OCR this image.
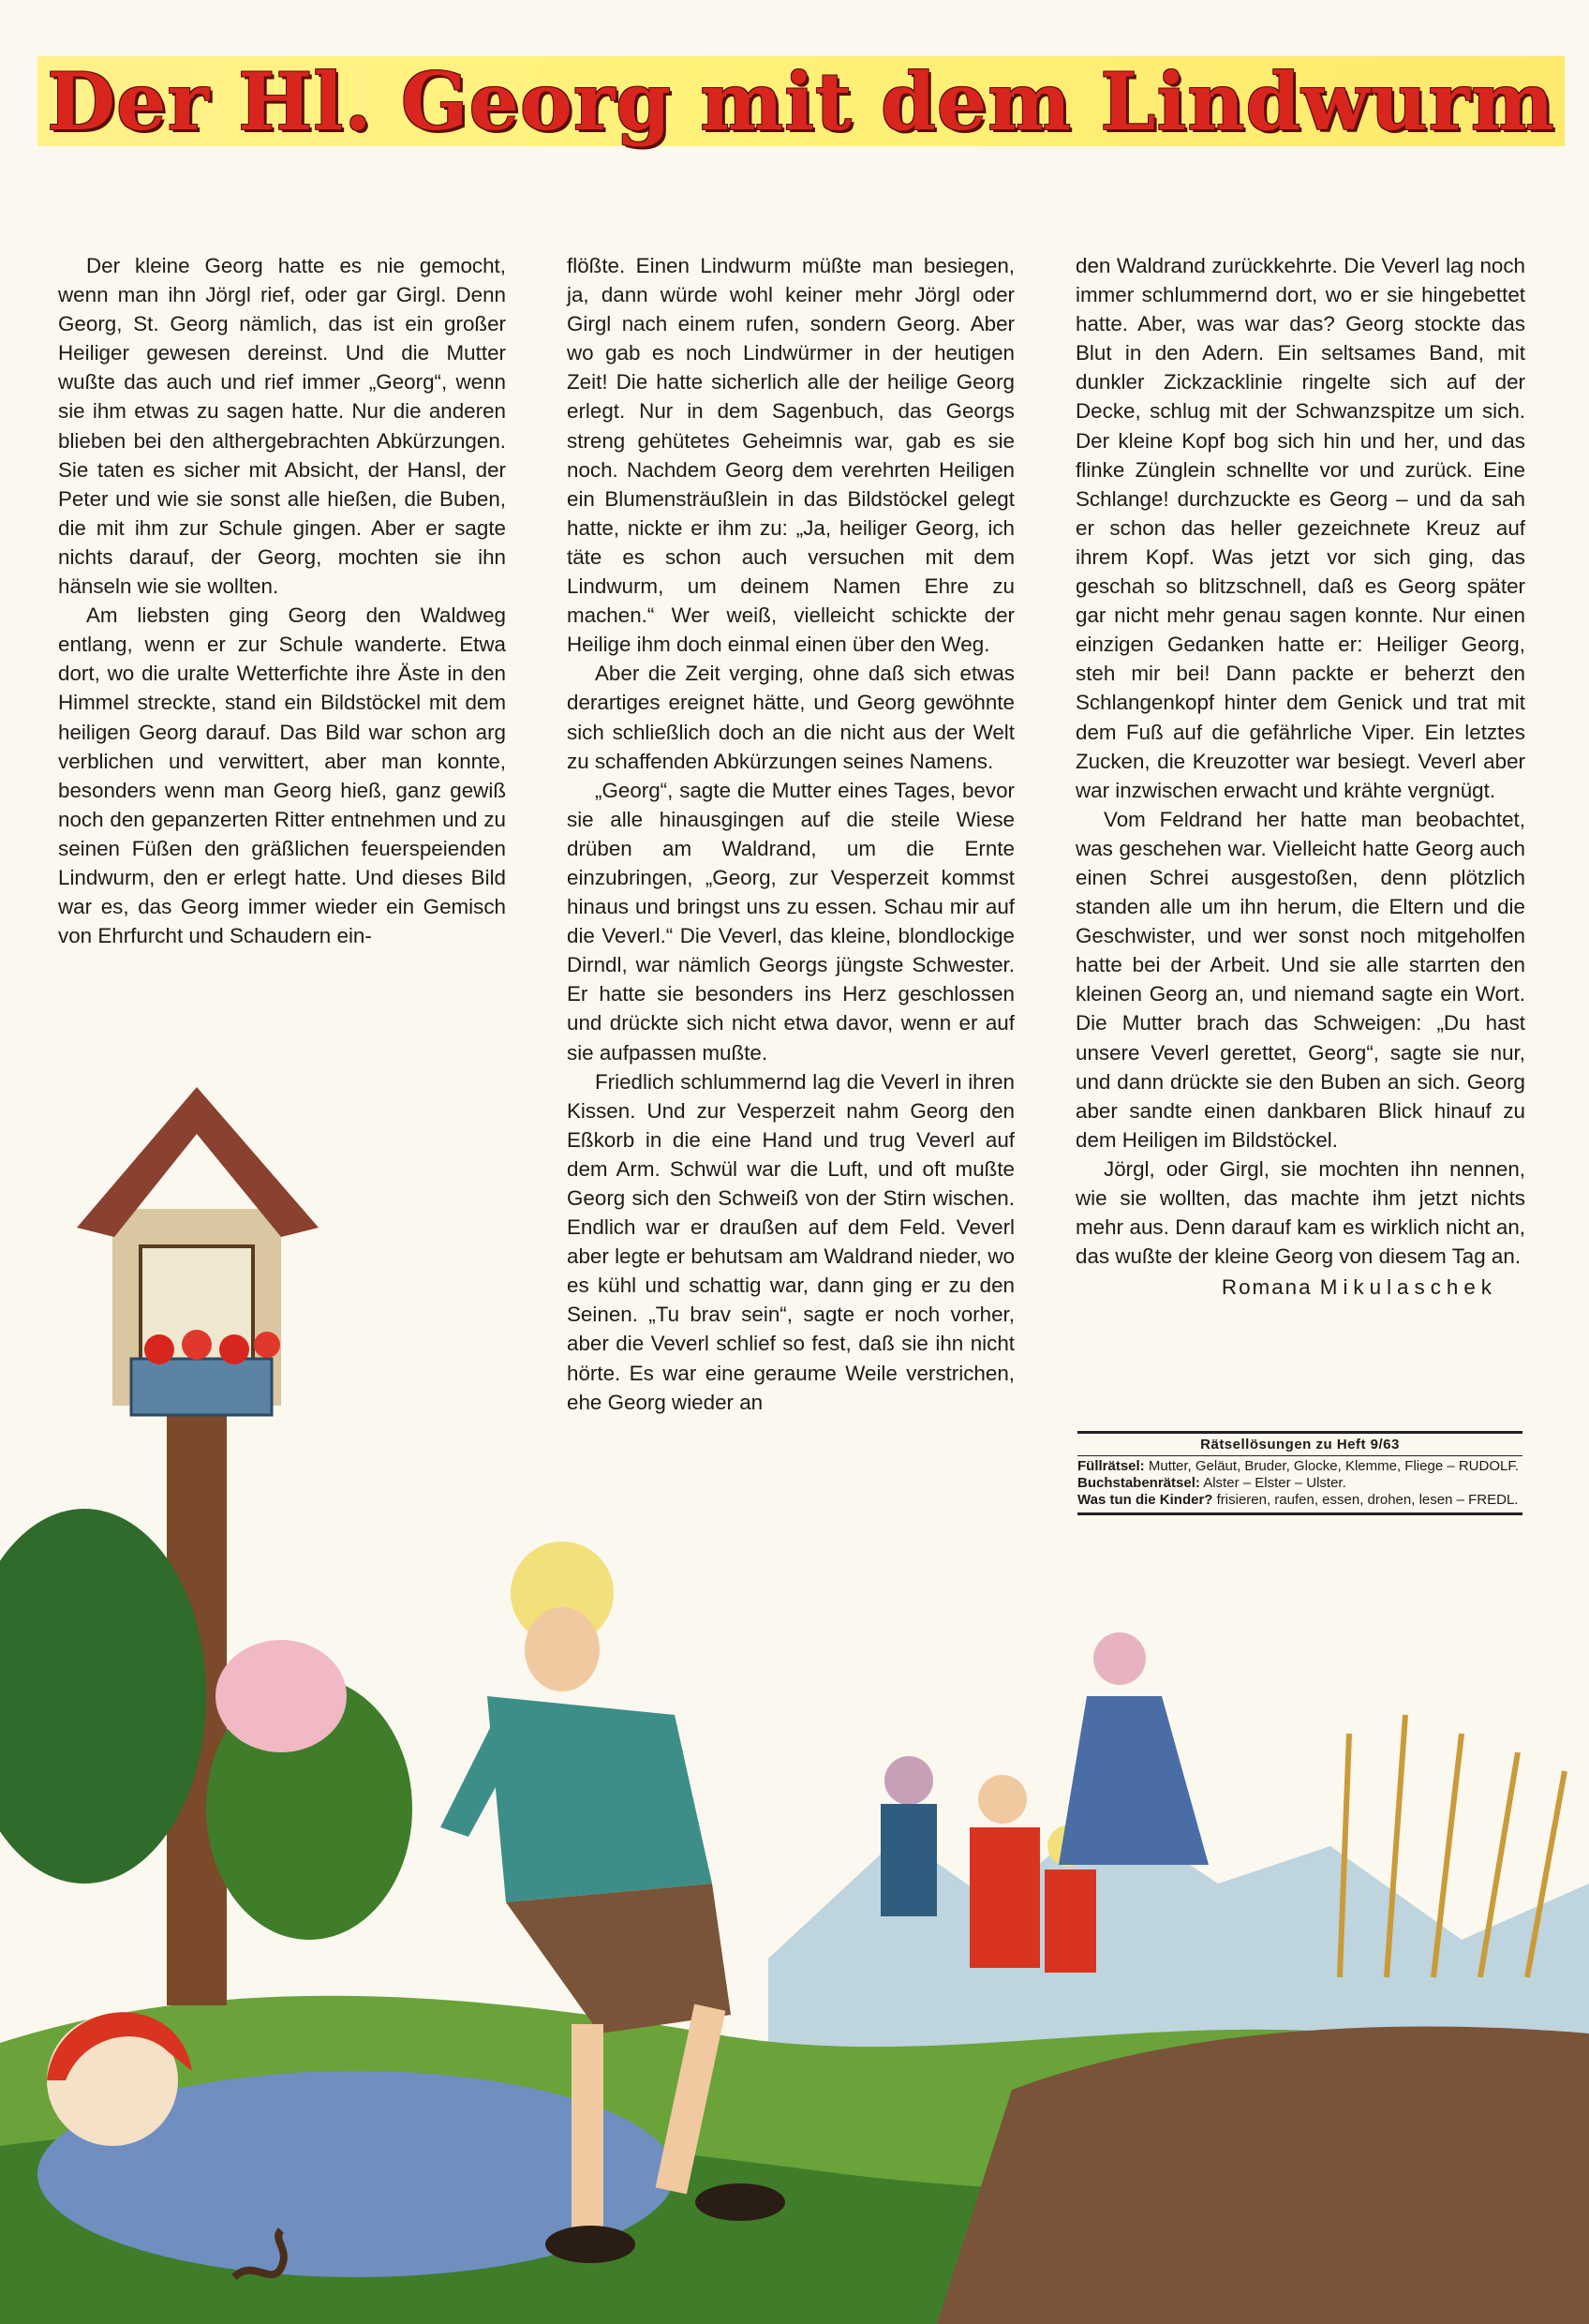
Der Hl. Georg mit dem Lindwurm

Der kleine Georg hatte es nie gemocht, wenn man ihn Jörgl rief, oder gar Girgl. Denn Georg, St. Georg nämlich, das ist ein großer Heiliger gewesen dereinst. Und die Mutter wußte das auch und rief immer „Georg“, wenn sie ihm etwas zu sagen hatte. Nur die anderen blieben bei den althergebrachten Abkürzungen. Sie taten es sicher mit Absicht, der Hansl, der Peter und wie sie sonst alle hießen, die Buben, die mit ihm zur Schule gingen. Aber er sagte nichts darauf, der Georg, mochten sie ihn hänseln wie sie wollten.

Am liebsten ging Georg den Waldweg entlang, wenn er zur Schule wanderte. Etwa dort, wo die uralte Wetterfichte ihre Äste in den Himmel streckte, stand ein Bildstöckel mit dem heiligen Georg darauf. Das Bild war schon arg verblichen und verwittert, aber man konnte, besonders wenn man Georg hieß, ganz gewiß noch den gepanzerten Ritter entnehmen und zu seinen Füßen den gräßlichen feuerspeienden Lindwurm, den er erlegt hatte. Und dieses Bild war es, das Georg immer wieder ein Gemisch von Ehrfurcht und Schaudern ein-

flößte. Einen Lindwurm müßte man besiegen, ja, dann würde wohl keiner mehr Jörgl oder Girgl nach einem rufen, sondern Georg. Aber wo gab es noch Lindwürmer in der heutigen Zeit! Die hatte sicherlich alle der heilige Georg erlegt. Nur in dem Sagenbuch, das Georgs streng gehütetes Geheimnis war, gab es sie noch. Nachdem Georg dem verehrten Heiligen ein Blumensträußlein in das Bildstöckel gelegt hatte, nickte er ihm zu: „Ja, heiliger Georg, ich täte es schon auch versuchen mit dem Lindwurm, um deinem Namen Ehre zu machen.“ Wer weiß, vielleicht schickte der Heilige ihm doch einmal einen über den Weg.

Aber die Zeit verging, ohne daß sich etwas derartiges ereignet hätte, und Georg gewöhnte sich schließlich doch an die nicht aus der Welt zu schaffenden Abkürzungen seines Namens.

„Georg“, sagte die Mutter eines Tages, bevor sie alle hinausgingen auf die steile Wiese drüben am Waldrand, um die Ernte einzubringen, „Georg, zur Vesperzeit kommst hinaus und bringst uns zu essen. Schau mir auf die Veverl.“ Die Veverl, das kleine, blondlockige Dirndl, war nämlich Georgs jüngste Schwester. Er hatte sie besonders ins Herz geschlossen und drückte sich nicht etwa davor, wenn er auf sie aufpassen mußte.

Friedlich schlummernd lag die Veverl in ihren Kissen. Und zur Vesperzeit nahm Georg den Eßkorb in die eine Hand und trug Veverl auf dem Arm. Schwül war die Luft, und oft mußte Georg sich den Schweiß von der Stirn wischen. Endlich war er draußen auf dem Feld. Veverl aber legte er behutsam am Waldrand nieder, wo es kühl und schattig war, dann ging er zu den Seinen. „Tu brav sein“, sagte er noch vorher, aber die Veverl schlief so fest, daß sie ihn nicht hörte. Es war eine geraume Weile verstrichen, ehe Georg wieder an

den Waldrand zurückkehrte. Die Veverl lag noch immer schlummernd dort, wo er sie hingebettet hatte. Aber, was war das? Georg stockte das Blut in den Adern. Ein seltsames Band, mit dunkler Zickzacklinie ringelte sich auf der Decke, schlug mit der Schwanzspitze um sich. Der kleine Kopf bog sich hin und her, und das flinke Zünglein schnellte vor und zurück. Eine Schlange! durchzuckte es Georg – und da sah er schon das heller gezeichnete Kreuz auf ihrem Kopf. Was jetzt vor sich ging, das geschah so blitzschnell, daß es Georg später gar nicht mehr genau sagen konnte. Nur einen einzigen Gedanken hatte er: Heiliger Georg, steh mir bei! Dann packte er beherzt den Schlangenkopf hinter dem Genick und trat mit dem Fuß auf die gefährliche Viper. Ein letztes Zucken, die Kreuzotter war besiegt. Veverl aber war inzwischen erwacht und krähte vergnügt.

Vom Feldrand her hatte man beobachtet, was geschehen war. Vielleicht hatte Georg auch einen Schrei ausgestoßen, denn plötzlich standen alle um ihn herum, die Eltern und die Geschwister, und wer sonst noch mitgeholfen hatte bei der Arbeit. Und sie alle starrten den kleinen Georg an, und niemand sagte ein Wort. Die Mutter brach das Schweigen: „Du hast unsere Veverl gerettet, Georg“, sagte sie nur, und dann drückte sie den Buben an sich. Georg aber sandte einen dankbaren Blick hinauf zu dem Heiligen im Bildstöckel.

Jörgl, oder Girgl, sie mochten ihn nennen, wie sie wollten, das machte ihm jetzt nichts mehr aus. Denn darauf kam es wirklich nicht an, das wußte der kleine Georg von diesem Tag an.

Romana Mikulaschek
Rätsellösungen zu Heft 9/63
Füllrätsel: Mutter, Geläut, Bruder, Glocke, Klemme, Fliege – RUDOLF.
Buchstabenrätsel: Alster – Elster – Ulster.
Was tun die Kinder? frisieren, raufen, essen, drohen, lesen – FREDL.
